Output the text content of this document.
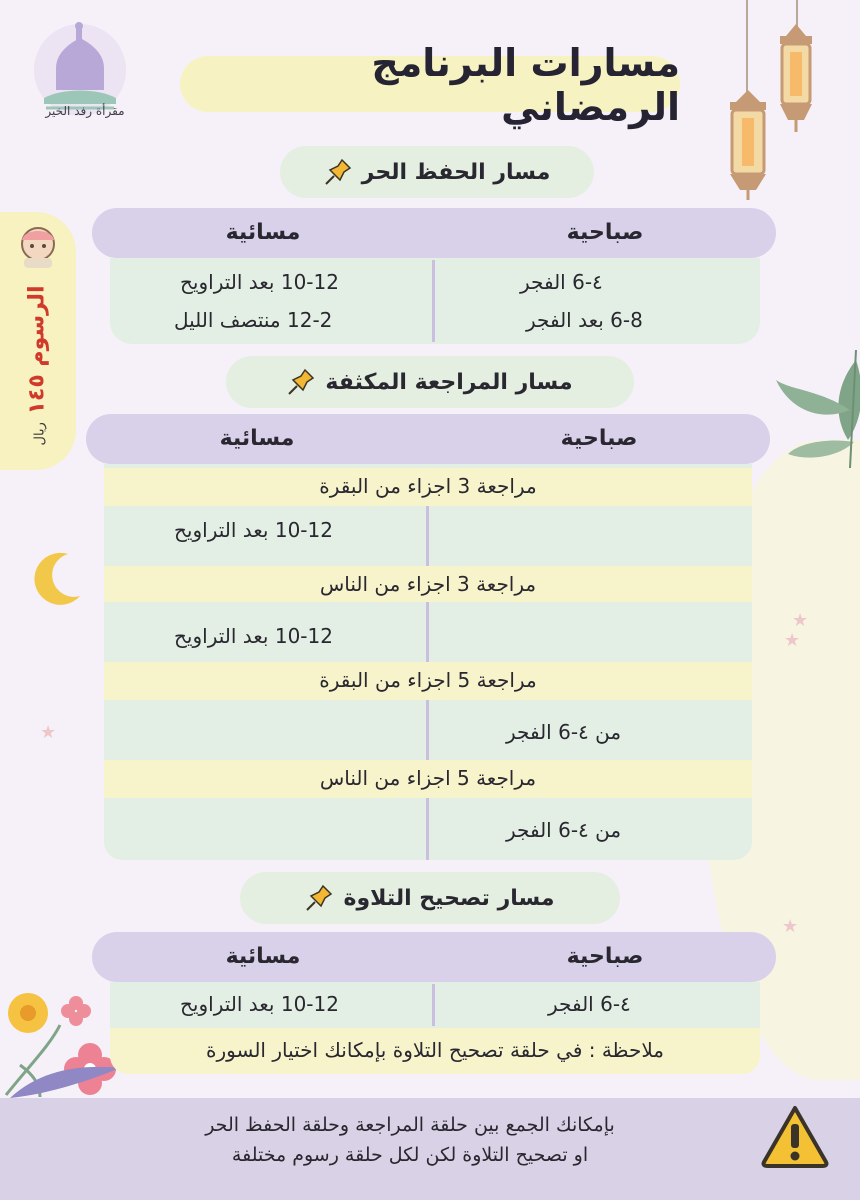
★
★
★
★
مقرأة رفد الخير
مسارات البرنامج الرمضاني
الرسوم ١٤٥ ريال
مسار الحفظ الحر
صباحية
مسائية
٤-6 الفجر
6-8 بعد الفجر
10-12 بعد التراويح
12-2 منتصف الليل
مسار المراجعة المكثفة
صباحية
مسائية
مراجعة 3 اجزاء من البقرة
10-12 بعد التراويح
مراجعة 3 اجزاء من الناس
10-12 بعد التراويح
مراجعة 5 اجزاء من البقرة
من ٤-6 الفجر
مراجعة 5 اجزاء من الناس
من ٤-6 الفجر
مسار تصحيح التلاوة
صباحية
مسائية
٤-6 الفجر
10-12 بعد التراويح
ملاحظة : في حلقة تصحيح التلاوة بإمكانك اختيار السورة
بإمكانك الجمع بين حلقة المراجعة وحلقة الحفظ الحر
او تصحيح التلاوة لكن لكل حلقة رسوم مختلفة
